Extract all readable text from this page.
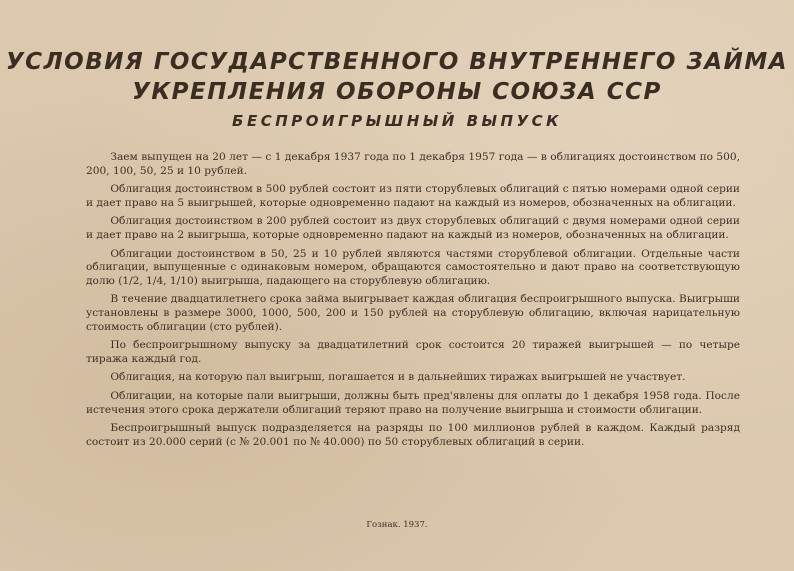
УСЛОВИЯ ГОСУДАРСТВЕННОГО ВНУТРЕННЕГО ЗАЙМА
УКРЕПЛЕНИЯ ОБОРОНЫ СОЮЗА ССР
БЕСПРОИГРЫШНЫЙ ВЫПУСК

Заем выпущен на 20 лет — с 1 декабря 1937 года по 1 декабря 1957 года — в облигациях достоинством по 500, 200, 100, 50, 25 и 10 рублей.

Облигация достоинством в 500 рублей состоит из пяти сторублевых облигаций с пятью номерами одной серии и дает право на 5 выигрышей, которые одновременно падают на каждый из номеров, обозначенных на облигации.

Облигация достоинством в 200 рублей состоит из двух сторублевых облигаций с двумя номерами одной серии и дает право на 2 выигрыша, которые одновременно падают на каждый из номеров, обозначенных на облигации.

Облигации достоинством в 50, 25 и 10 рублей являются частями сторублевой облигации. Отдельные части облигации, выпущенные с одинаковым номером, обращаются самостоятельно и дают право на соответствующую долю (1/2, 1/4, 1/10) выигрыша, падающего на сторублевую облигацию.

В течение двадцатилетнего срока займа выигрывает каждая облигация беспроигрышного выпуска. Выигрыши установлены в размере 3000, 1000, 500, 200 и 150 рублей на сторублевую облигацию, включая нарицательную стоимость облигации (сто рублей).

По беспроигрышному выпуску за двадцатилетний срок состоится 20 тиражей выигрышей — по четыре тиража каждый год.

Облигация, на которую пал выигрыш, погашается и в дальнейших тиражах выигрышей не участвует.

Облигации, на которые пали выигрыши, должны быть пред'явлены для оплаты до 1 декабря 1958 года. После истечения этого срока держатели облигаций теряют право на получение выигрыша и стоимости облигации.

Беспроигрышный выпуск подразделяется на разряды по 100 миллионов рублей в каждом. Каждый разряд состоит из 20.000 серий (с № 20.001 по № 40.000) по 50 сторублевых облигаций в серии.

Гознак. 1937.
